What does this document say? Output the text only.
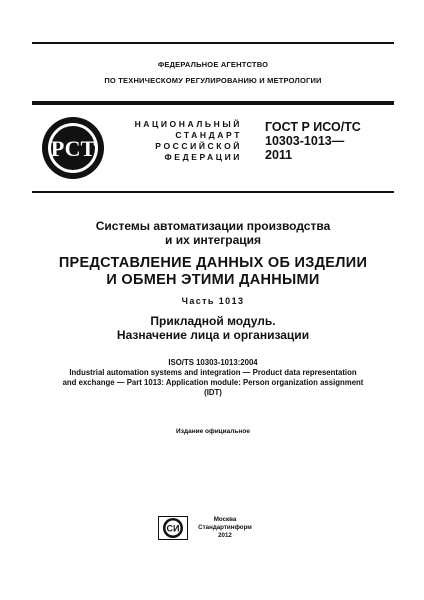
ФЕДЕРАЛЬНОЕ АГЕНТСТВО
ПО ТЕХНИЧЕСКОМУ РЕГУЛИРОВАНИЮ И МЕТРОЛОГИИ
РСТ
НАЦИОНАЛЬНЫЙ
СТАНДАРТ
РОССИЙСКОЙ
ФЕДЕРАЦИИ
ГОСТ Р ИСО/ТС
10303-1013—
2011
Системы автоматизации производства
и их интеграция
ПРЕДСТАВЛЕНИЕ ДАННЫХ ОБ ИЗДЕЛИИ
И ОБМЕН ЭТИМИ ДАННЫМИ
Часть 1013
Прикладной модуль.
Назначение лица и организации
ISO/TS 10303-1013:2004
Industrial automation systems and integration — Product data representation
and exchange — Part 1013: Application module: Person organization assignment
(IDT)
Издание официальное
СИ
Москва
Стандартинформ
2012
